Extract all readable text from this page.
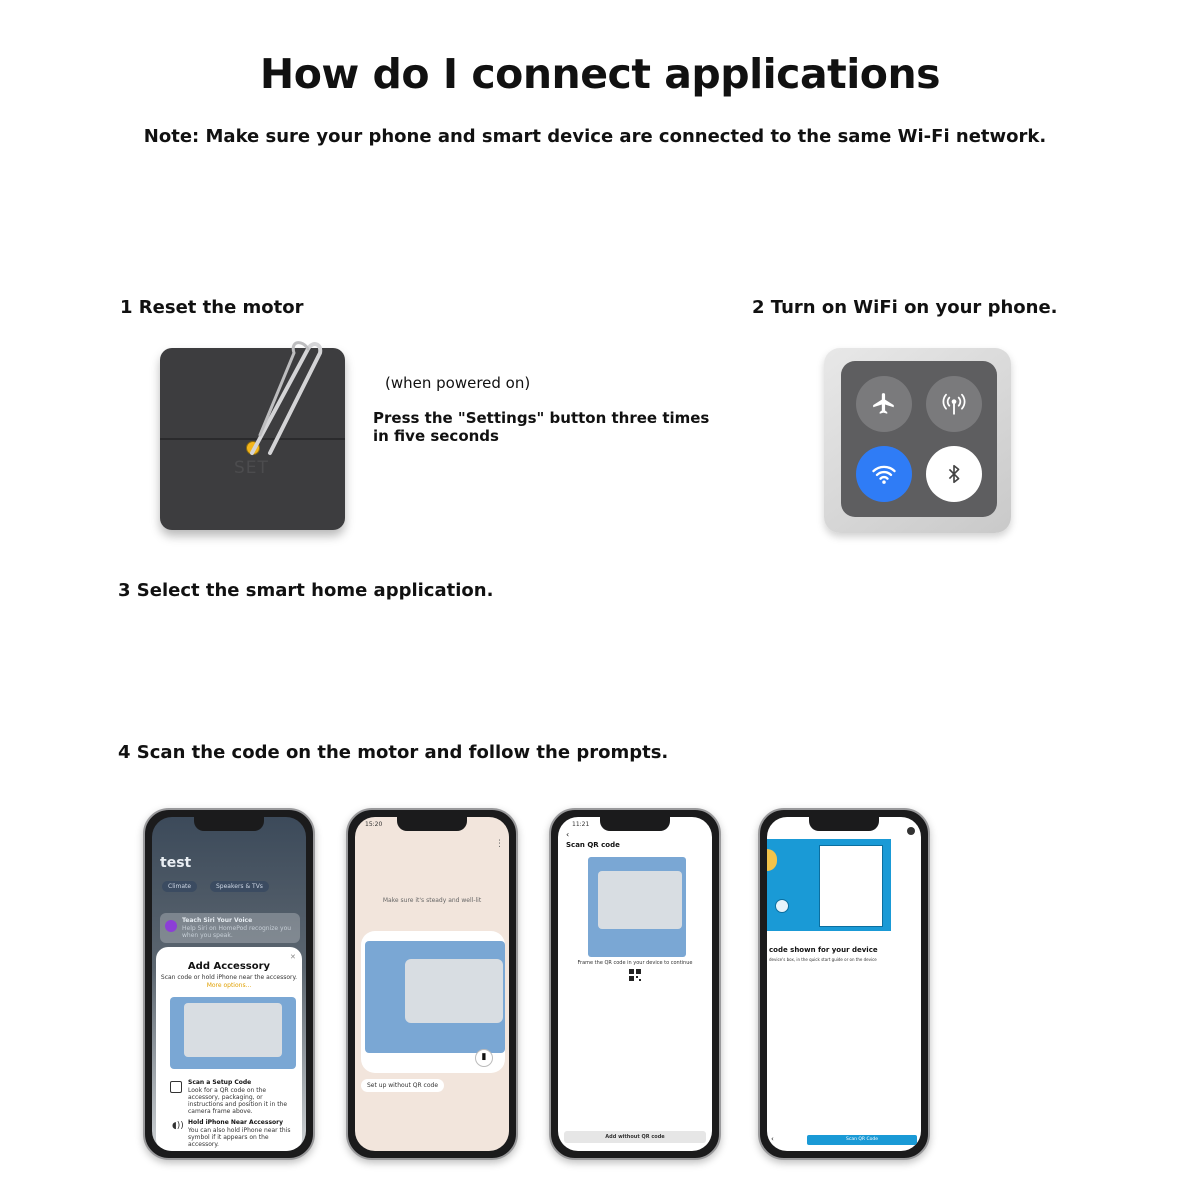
How do I connect applications
Note: Make sure your phone and smart device are connected to the same Wi-Fi network.
1 Reset the motor	2 Turn on WiFi on your phone.
3 Select the smart home application.
4 Scan the code on the motor and follow the prompts.
SET
(when powered on)
Press the "Settings" button three times
in five seconds
test
Climate	Speakers & TVs
Teach Siri Your Voice
Help Siri on HomePod recognize you when you speak.
✕
Add Accessory
Scan code or hold iPhone near the accessory.
More options...
Scan a Setup Code
Look for a QR code on the accessory, packaging, or instructions and position it in the camera frame above.
◖)) Hold iPhone Near Accessory
You can also hold iPhone near this symbol if it appears on the accessory.
15:20
⋮
Make sure it's steady and well-lit
▮
Set up without QR code
11:21
‹
Scan QR code
Frame the QR code in your device to continue
Add without QR code
code shown for your device
device's box, in the quick start guide or on the device
‹	Scan QR Code
